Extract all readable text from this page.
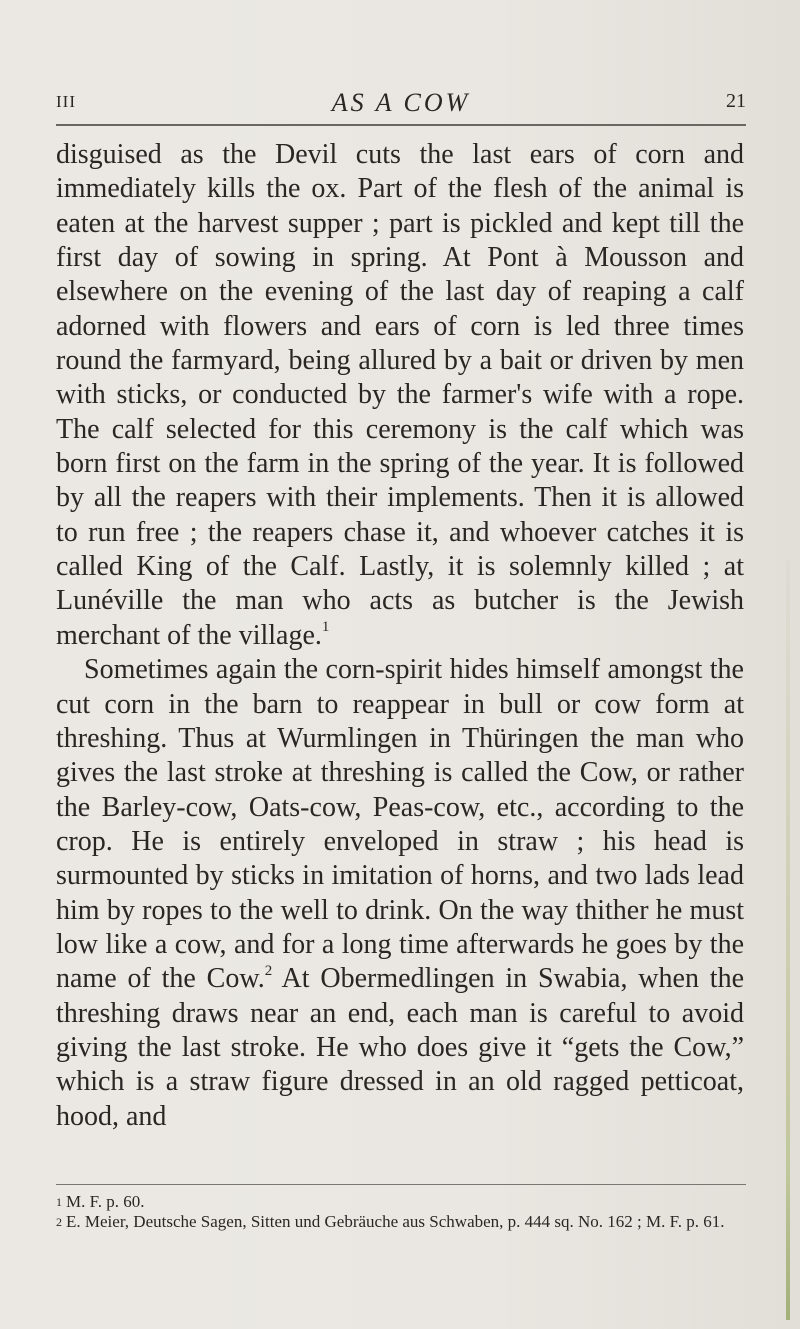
III	AS A COW	21

disguised as the Devil cuts the last ears of corn and immediately kills the ox. Part of the flesh of the animal is eaten at the harvest supper ; part is pickled and kept till the first day of sowing in spring. At Pont à Mousson and elsewhere on the evening of the last day of reaping a calf adorned with flowers and ears of corn is led three times round the farmyard, being allured by a bait or driven by men with sticks, or conducted by the farmer's wife with a rope. The calf selected for this ceremony is the calf which was born first on the farm in the spring of the year. It is followed by all the reapers with their implements. Then it is allowed to run free ; the reapers chase it, and whoever catches it is called King of the Calf. Lastly, it is solemnly killed ; at Lunéville the man who acts as butcher is the Jewish merchant of the village.$^1$

Sometimes again the corn-spirit hides himself amongst the cut corn in the barn to reappear in bull or cow form at threshing. Thus at Wurmlingen in Thüringen the man who gives the last stroke at threshing is called the Cow, or rather the Barley-cow, Oats-cow, Peas-cow, etc., according to the crop. He is entirely enveloped in straw ; his head is surmounted by sticks in imitation of horns, and two lads lead him by ropes to the well to drink. On the way thither he must low like a cow, and for a long time afterwards he goes by the name of the Cow.$^2$ At Obermedlingen in Swabia, when the threshing draws near an end, each man is careful to avoid giving the last stroke. He who does give it “gets the Cow,” which is a straw figure dressed in an old ragged petticoat, hood, and

$^1$ M. F. p. 60.
$^2$ E. Meier, Deutsche Sagen, Sitten und Gebräuche aus Schwaben, p. 444 sq. No. 162 ; M. F. p. 61.
